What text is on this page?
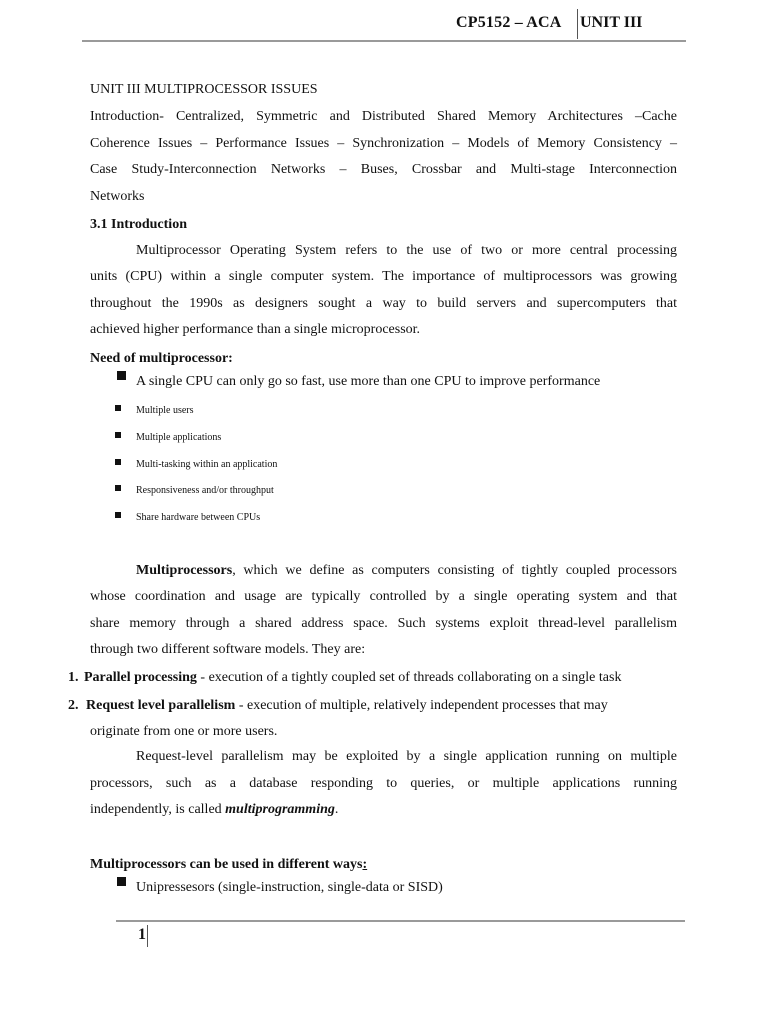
CP5152 – ACA UNIT III

UNIT III MULTIPROCESSOR ISSUES

Introduction- Centralized, Symmetric and Distributed Shared Memory Architectures –Cache

Coherence Issues – Performance Issues – Synchronization – Models of Memory Consistency –

Case Study-Interconnection Networks – Buses, Crossbar and Multi-stage Interconnection

Networks

3.1 Introduction

Multiprocessor Operating System refers to the use of two or more central processing

units (CPU) within a single computer system. The importance of multiprocessors was growing

throughout the 1990s as designers sought a way to build servers and supercomputers that

achieved higher performance than a single microprocessor.

Need of multiprocessor:

A single CPU can only go so fast, use more than one CPU to improve performance
Multiple users
Multiple applications
Multi-tasking within an application
Responsiveness and/or throughput
Share hardware between CPUs

Multiprocessors, which we define as computers consisting of tightly coupled processors

whose coordination and usage are typically controlled by a single operating system and that

share memory through a shared address space. Such systems exploit thread-level parallelism

through two different software models. They are:

1. Parallel processing - execution of a tightly coupled set of threads collaborating on a single task
2. Request level parallelism - execution of multiple, relatively independent processes that may
originate from one or more users.

Request-level parallelism may be exploited by a single application running on multiple

processors, such as a database responding to queries, or multiple applications running

independently, is called multiprogramming.

Multiprocessors can be used in different ways:

Unipressesors (single-instruction, single-data or SISD)
1
